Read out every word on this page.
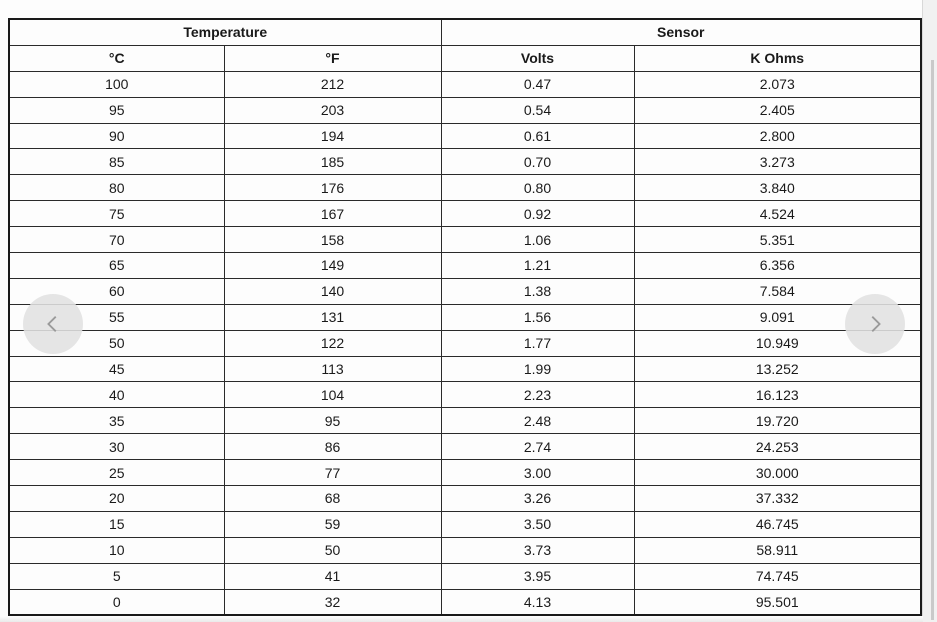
Temperature		Sensor	
°C	°F	Volts	K Ohms
100	212	0.47	2.073
95	203	0.54	2.405
90	194	0.61	2.800
85	185	0.70	3.273
80	176	0.80	3.840
75	167	0.92	4.524
70	158	1.06	5.351
65	149	1.21	6.356
60	140	1.38	7.584
55	131	1.56	9.091
50	122	1.77	10.949
45	113	1.99	13.252
40	104	2.23	16.123
35	95	2.48	19.720
30	86	2.74	24.253
25	77	3.00	30.000
20	68	3.26	37.332
15	59	3.50	46.745
10	50	3.73	58.911
5	41	3.95	74.745
0	32	4.13	95.501
